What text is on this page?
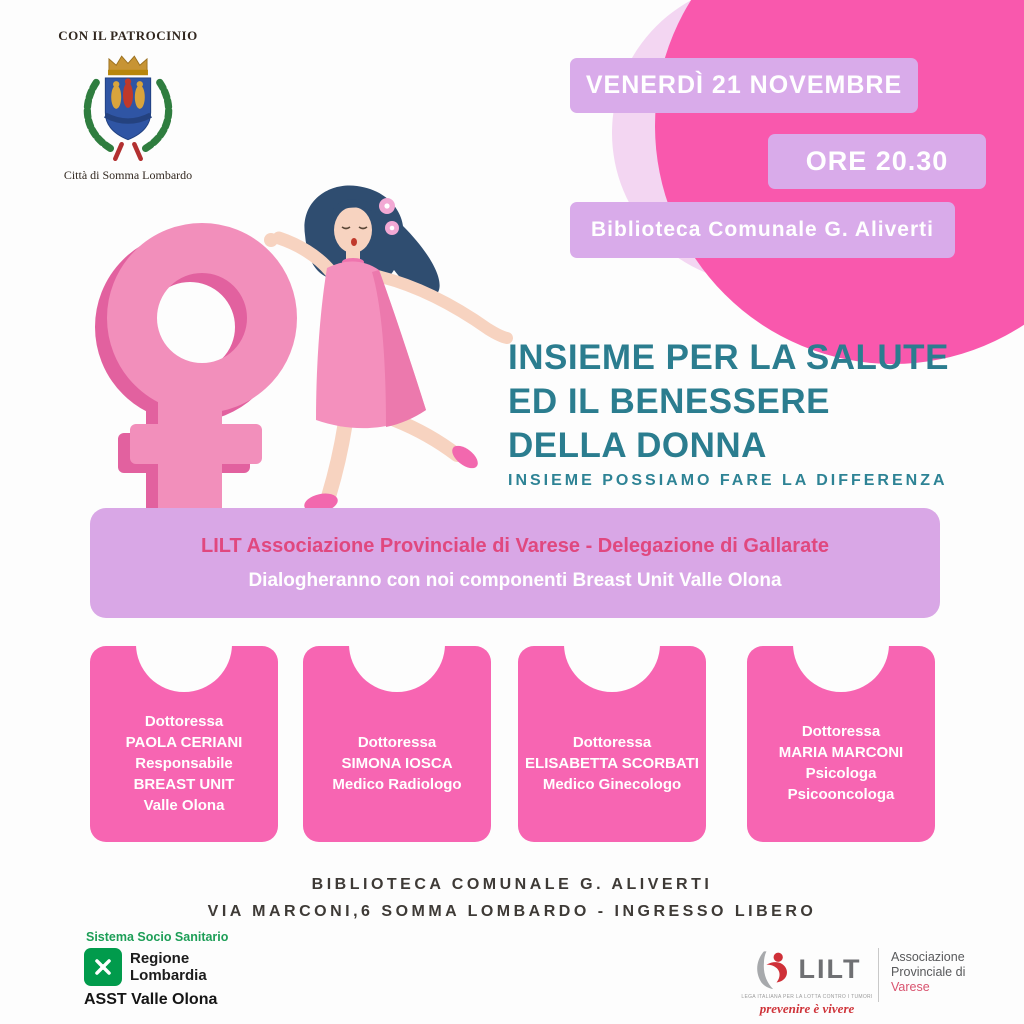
VENERDÌ 21 NOVEMBRE
ORE 20.30
Biblioteca Comunale G. Aliverti
CON IL PATROCINIO
Città di Somma Lombardo
INSIEME PER LA SALUTE
ED IL BENESSERE
DELLA DONNA
INSIEME POSSIAMO FARE LA DIFFERENZA
LILT Associazione Provinciale di Varese - Delegazione di Gallarate
Dialogheranno con noi componenti Breast Unit Valle Olona
Dottoressa
PAOLA CERIANI
Responsabile
BREAST UNIT
Valle Olona
Dottoressa
SIMONA IOSCA
Medico Radiologo
Dottoressa
ELISABETTA SCORBATI
Medico Ginecologo
Dottoressa
MARIA MARCONI
Psicologa
Psicooncologa
BIBLIOTECA COMUNALE G. ALIVERTI
VIA MARCONI,6 SOMMA LOMBARDO - INGRESSO LIBERO
Sistema Socio Sanitario
Regione
Lombardia
ASST Valle Olona
LILT
LEGA ITALIANA PER LA LOTTA CONTRO I TUMORI
prevenire è vivere
Associazione
Provinciale di
Varese
